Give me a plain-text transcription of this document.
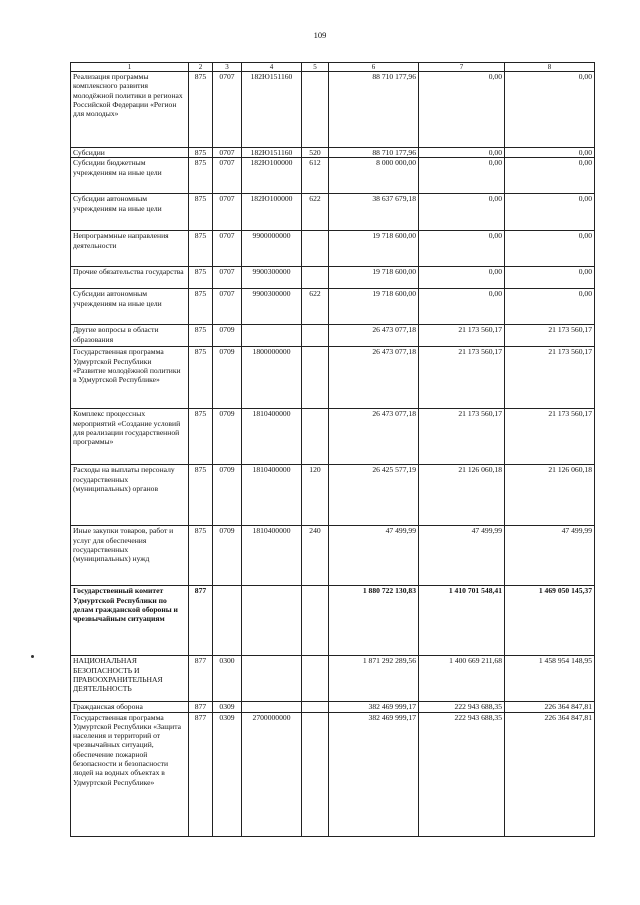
109
1	2	3	4	5	6	7	8
Реализация программы комплексного развития молодёжной политики в регионах Российской Федерации «Регион для молодых»	875	0707	182Ю151160		88 710 177,96	0,00	0,00
Субсидии	875	0707	182Ю151160	520	88 710 177,96	0,00	0,00
Субсидии бюджетным учреждениям на иные цели	875	0707	182Ю100000	612	8 000 000,00	0,00	0,00
Субсидии автономным учреждениям на иные цели	875	0707	182Ю100000	622	38 637 679,18	0,00	0,00
Непрограммные направления деятельности	875	0707	9900000000		19 718 600,00	0,00	0,00
Прочие обязательства государства	875	0707	9900300000		19 718 600,00	0,00	0,00
Субсидии автономным учреждениям на иные цели	875	0707	9900300000	622	19 718 600,00	0,00	0,00
Другие вопросы в области образования	875	0709			26 473 077,18	21 173 560,17	21 173 560,17
Государственная программа Удмуртской Республики «Развитие молодёжной политики в Удмуртской Республике»	875	0709	1800000000		26 473 077,18	21 173 560,17	21 173 560,17
Комплекс процессных мероприятий «Создание условий для реализации государственной программы»	875	0709	1810400000		26 473 077,18	21 173 560,17	21 173 560,17
Расходы на выплаты персоналу государственных (муниципальных) органов	875	0709	1810400000	120	26 425 577,19	21 126 060,18	21 126 060,18
Иные закупки товаров, работ и услуг для обеспечения государственных (муниципальных) нужд	875	0709	1810400000	240	47 499,99	47 499,99	47 499,99
Государственный комитет Удмуртской Республики по делам гражданской обороны и чрезвычайным ситуациям	877				1 880 722 130,83	1 410 701 548,41	1 469 050 145,37
НАЦИОНАЛЬНАЯ БЕЗОПАСНОСТЬ И ПРАВООХРАНИТЕЛЬНАЯ ДЕЯТЕЛЬНОСТЬ	877	0300			1 871 292 289,56	1 400 669 211,68	1 458 954 148,95
Гражданская оборона	877	0309			382 469 999,17	222 943 688,35	226 364 847,81
Государственная программа Удмуртской Республики «Защита населения и территорий от чрезвычайных ситуаций, обеспечение пожарной безопасности и безопасности людей на водных объектах в Удмуртской Республике»	877	0309	2700000000		382 469 999,17	222 943 688,35	226 364 847,81
